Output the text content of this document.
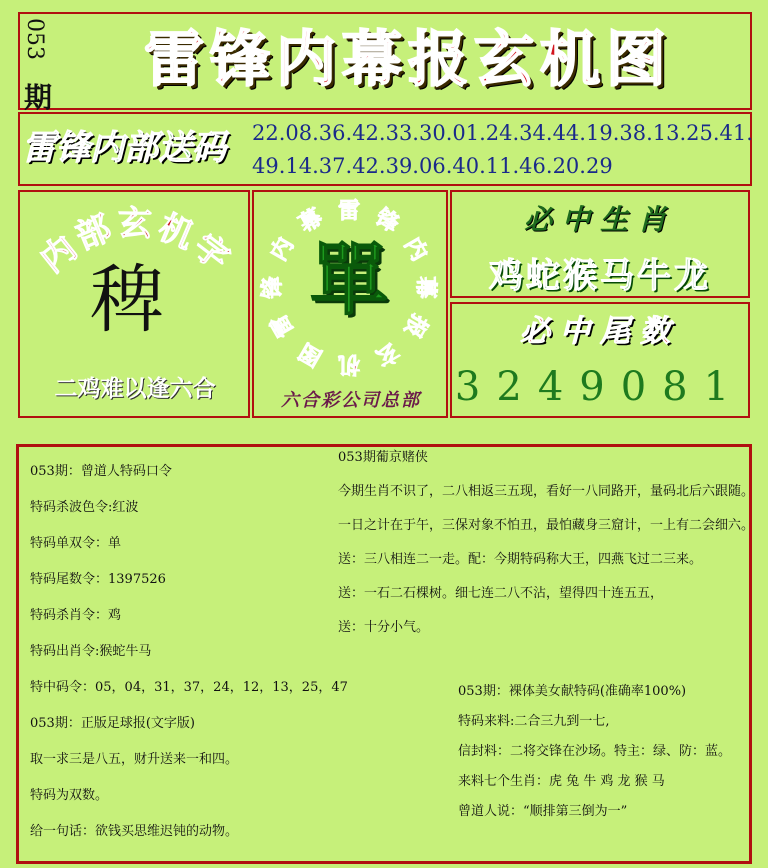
053
期
雷锋内幕报玄机图
雷锋内部送码	22.08.36.42.33.30.01.24.34.44.19.38.13.25.41.
49.14.37.42.39.06.40.11.46.20.29
内部玄机字
稗
二鸡难以逢六合
雷 锋
内
幕
报
玄
机
图
雷
锋
内
幕
單
六合彩公司总部
必中生肖
鸡蛇猴马牛龙
必中尾数
3249081
053期：曾道人特码口令
特码杀波色令:红波
特码单双令：单
特码尾数令：1397526
特码杀肖令：鸡
特码出肖令:猴蛇牛马
特中码令：05，04，31，37，24，12，13，25，47
053期：正版足球报(文字版)
取一求三是八五，财升送来一和四。
特码为双数。
给一句话：欲钱买思维迟钝的动物。
053期葡京赌侠
今期生肖不识了，二八相返三五现，看好一八同路开，量码北后六跟随。
一日之计在于午，三保对象不怕丑，最怕藏身三窟计，一上有二会细六。
送：三八相连二一走。配：今期特码称大王，四燕飞过二三来。
送：一石二石棵树。细七连二八不沾，望得四十连五五，
送：十分小气。
053期：裸体美女献特码(准确率100%)
特码来料:二合三九到一七,
信封料：二将交锋在沙场。特主：绿、防：蓝。
来料七个生肖：虎 兔 牛 鸡 龙 猴 马
曾道人说：“顺排第三倒为一”
